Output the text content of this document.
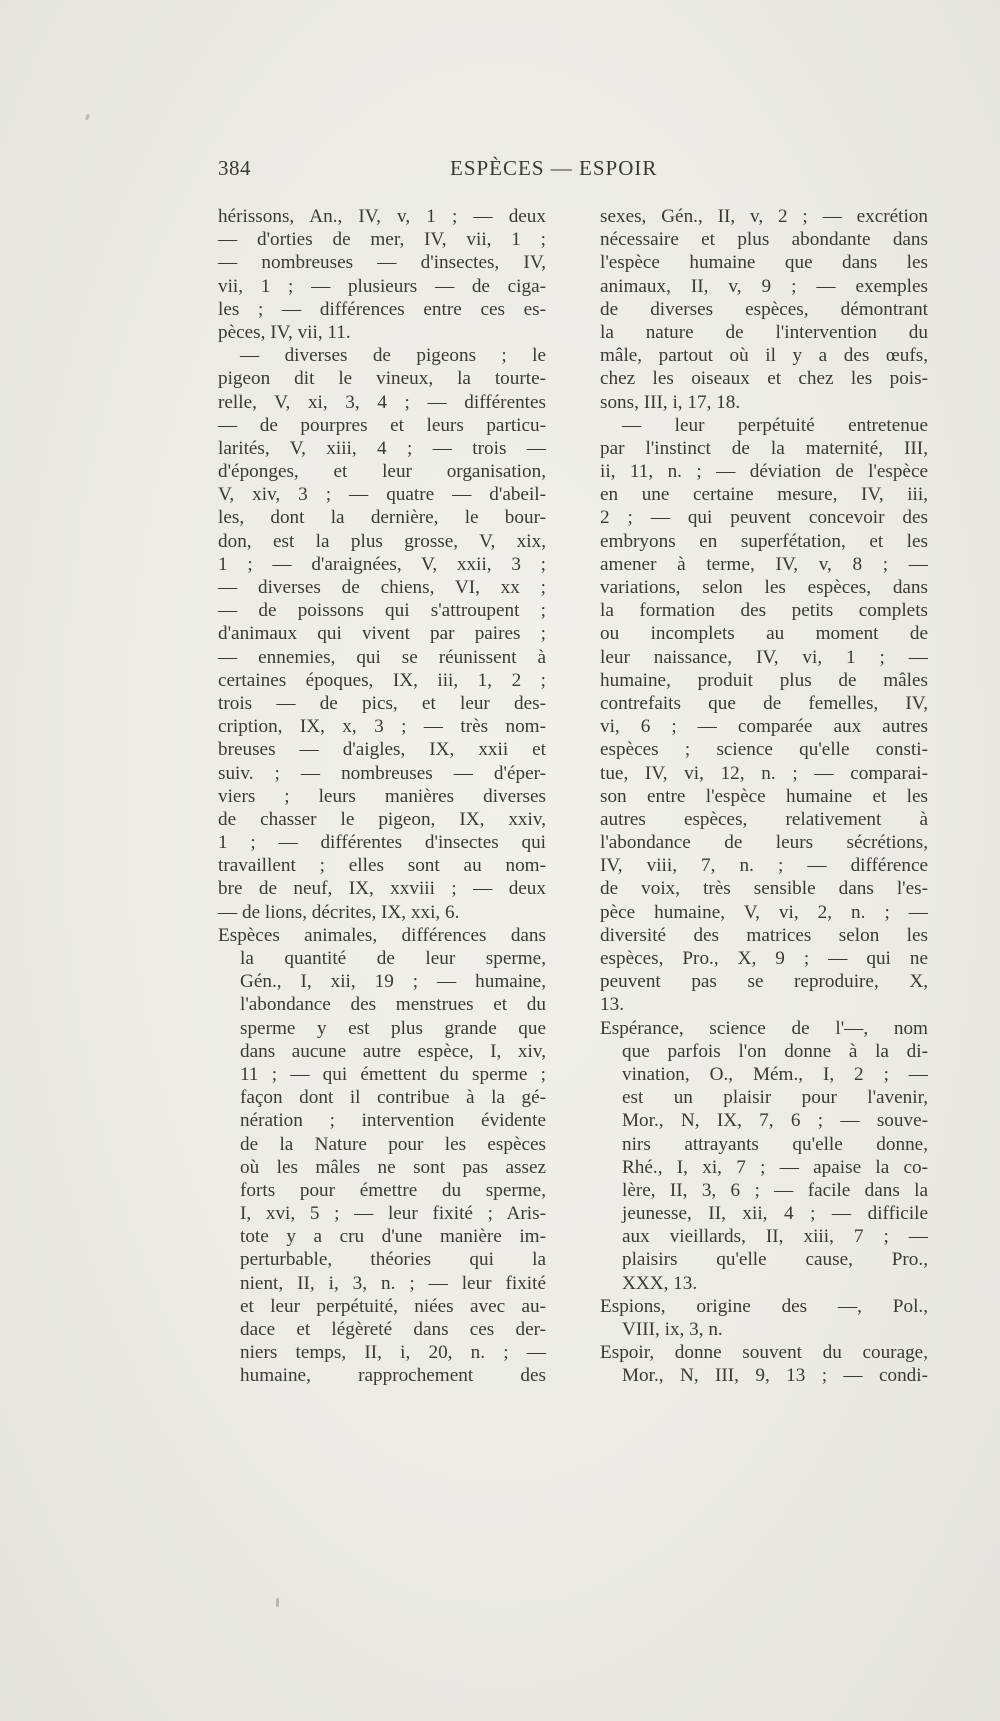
384	ESPÈCES — ESPOIR
hérissons, An., IV, v, 1 ; — deux
— d'orties de mer, IV, vii, 1 ;
— nombreuses — d'insectes, IV,
vii, 1 ; — plusieurs — de ciga-
les ; — différences entre ces es-
pèces, IV, vii, 11.
— diverses de pigeons ; le
pigeon dit le vineux, la tourte-
relle, V, xi, 3, 4 ; — différentes
— de pourpres et leurs particu-
larités, V, xiii, 4 ; — trois —
d'éponges, et leur organisation,
V, xiv, 3 ; — quatre — d'abeil-
les, dont la dernière, le bour-
don, est la plus grosse, V, xix,
1 ; — d'araignées, V, xxii, 3 ;
— diverses de chiens, VI, xx ;
— de poissons qui s'attroupent ;
d'animaux qui vivent par paires ;
— ennemies, qui se réunissent à
certaines époques, IX, iii, 1, 2 ;
trois — de pics, et leur des-
cription, IX, x, 3 ; — très nom-
breuses — d'aigles, IX, xxii et
suiv. ; — nombreuses — d'éper-
viers ; leurs manières diverses
de chasser le pigeon, IX, xxiv,
1 ; — différentes d'insectes qui
travaillent ; elles sont au nom-
bre de neuf, IX, xxviii ; — deux
— de lions, décrites, IX, xxi, 6.
Espèces animales, différences dans
la quantité de leur sperme,
Gén., I, xii, 19 ; — humaine,
l'abondance des menstrues et du
sperme y est plus grande que
dans aucune autre espèce, I, xiv,
11 ; — qui émettent du sperme ;
façon dont il contribue à la gé-
nération ; intervention évidente
de la Nature pour les espèces
où les mâles ne sont pas assez
forts pour émettre du sperme,
I, xvi, 5 ; — leur fixité ; Aris-
tote y a cru d'une manière im-
perturbable, théories qui la
nient, II, i, 3, n. ; — leur fixité
et leur perpétuité, niées avec au-
dace et légèreté dans ces der-
niers temps, II, i, 20, n. ; —
humaine, rapprochement des
sexes, Gén., II, v, 2 ; — excrétion
nécessaire et plus abondante dans
l'espèce humaine que dans les
animaux, II, v, 9 ; — exemples
de diverses espèces, démontrant
la nature de l'intervention du
mâle, partout où il y a des œufs,
chez les oiseaux et chez les pois-
sons, III, i, 17, 18.
— leur perpétuité entretenue
par l'instinct de la maternité, III,
ii, 11, n. ; — déviation de l'espèce
en une certaine mesure, IV, iii,
2 ; — qui peuvent concevoir des
embryons en superfétation, et les
amener à terme, IV, v, 8 ; —
variations, selon les espèces, dans
la formation des petits complets
ou incomplets au moment de
leur naissance, IV, vi, 1 ; —
humaine, produit plus de mâles
contrefaits que de femelles, IV,
vi, 6 ; — comparée aux autres
espèces ; science qu'elle consti-
tue, IV, vi, 12, n. ; — comparai-
son entre l'espèce humaine et les
autres espèces, relativement à
l'abondance de leurs sécrétions,
IV, viii, 7, n. ; — différence
de voix, très sensible dans l'es-
pèce humaine, V, vi, 2, n. ; —
diversité des matrices selon les
espèces, Pro., X, 9 ; — qui ne
peuvent pas se reproduire, X,
13.
Espérance, science de l'—, nom
que parfois l'on donne à la di-
vination, O., Mém., I, 2 ; —
est un plaisir pour l'avenir,
Mor., N, IX, 7, 6 ; — souve-
nirs attrayants qu'elle donne,
Rhé., I, xi, 7 ; — apaise la co-
lère, II, 3, 6 ; — facile dans la
jeunesse, II, xii, 4 ; — difficile
aux vieillards, II, xiii, 7 ; —
plaisirs qu'elle cause, Pro.,
XXX, 13.
Espions, origine des —, Pol.,
VIII, ix, 3, n.
Espoir, donne souvent du courage,
Mor., N, III, 9, 13 ; — condi-
